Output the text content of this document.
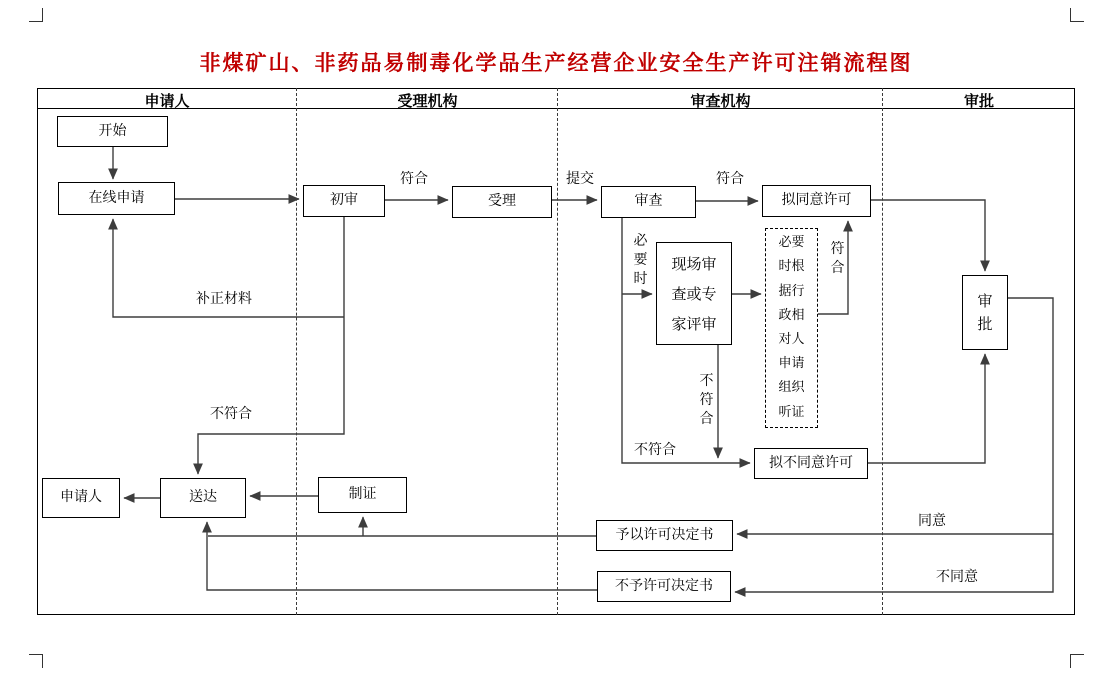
非煤矿山、非药品易制毒化学品生产经营企业安全生产许可注销流程图
申请人	受理机构	审查机构	审批
开始
在线申请	初审	受理	审查	拟同意许可
现场审查或专家评审
必要时根据行政相对人申请组织听证
审批
拟不同意许可
申请人	送达	制证
予以许可决定书
不予许可决定书
符合	提交	符合
必要时
符合
不符合
不符合
不符合
补正材料
同意
不同意
